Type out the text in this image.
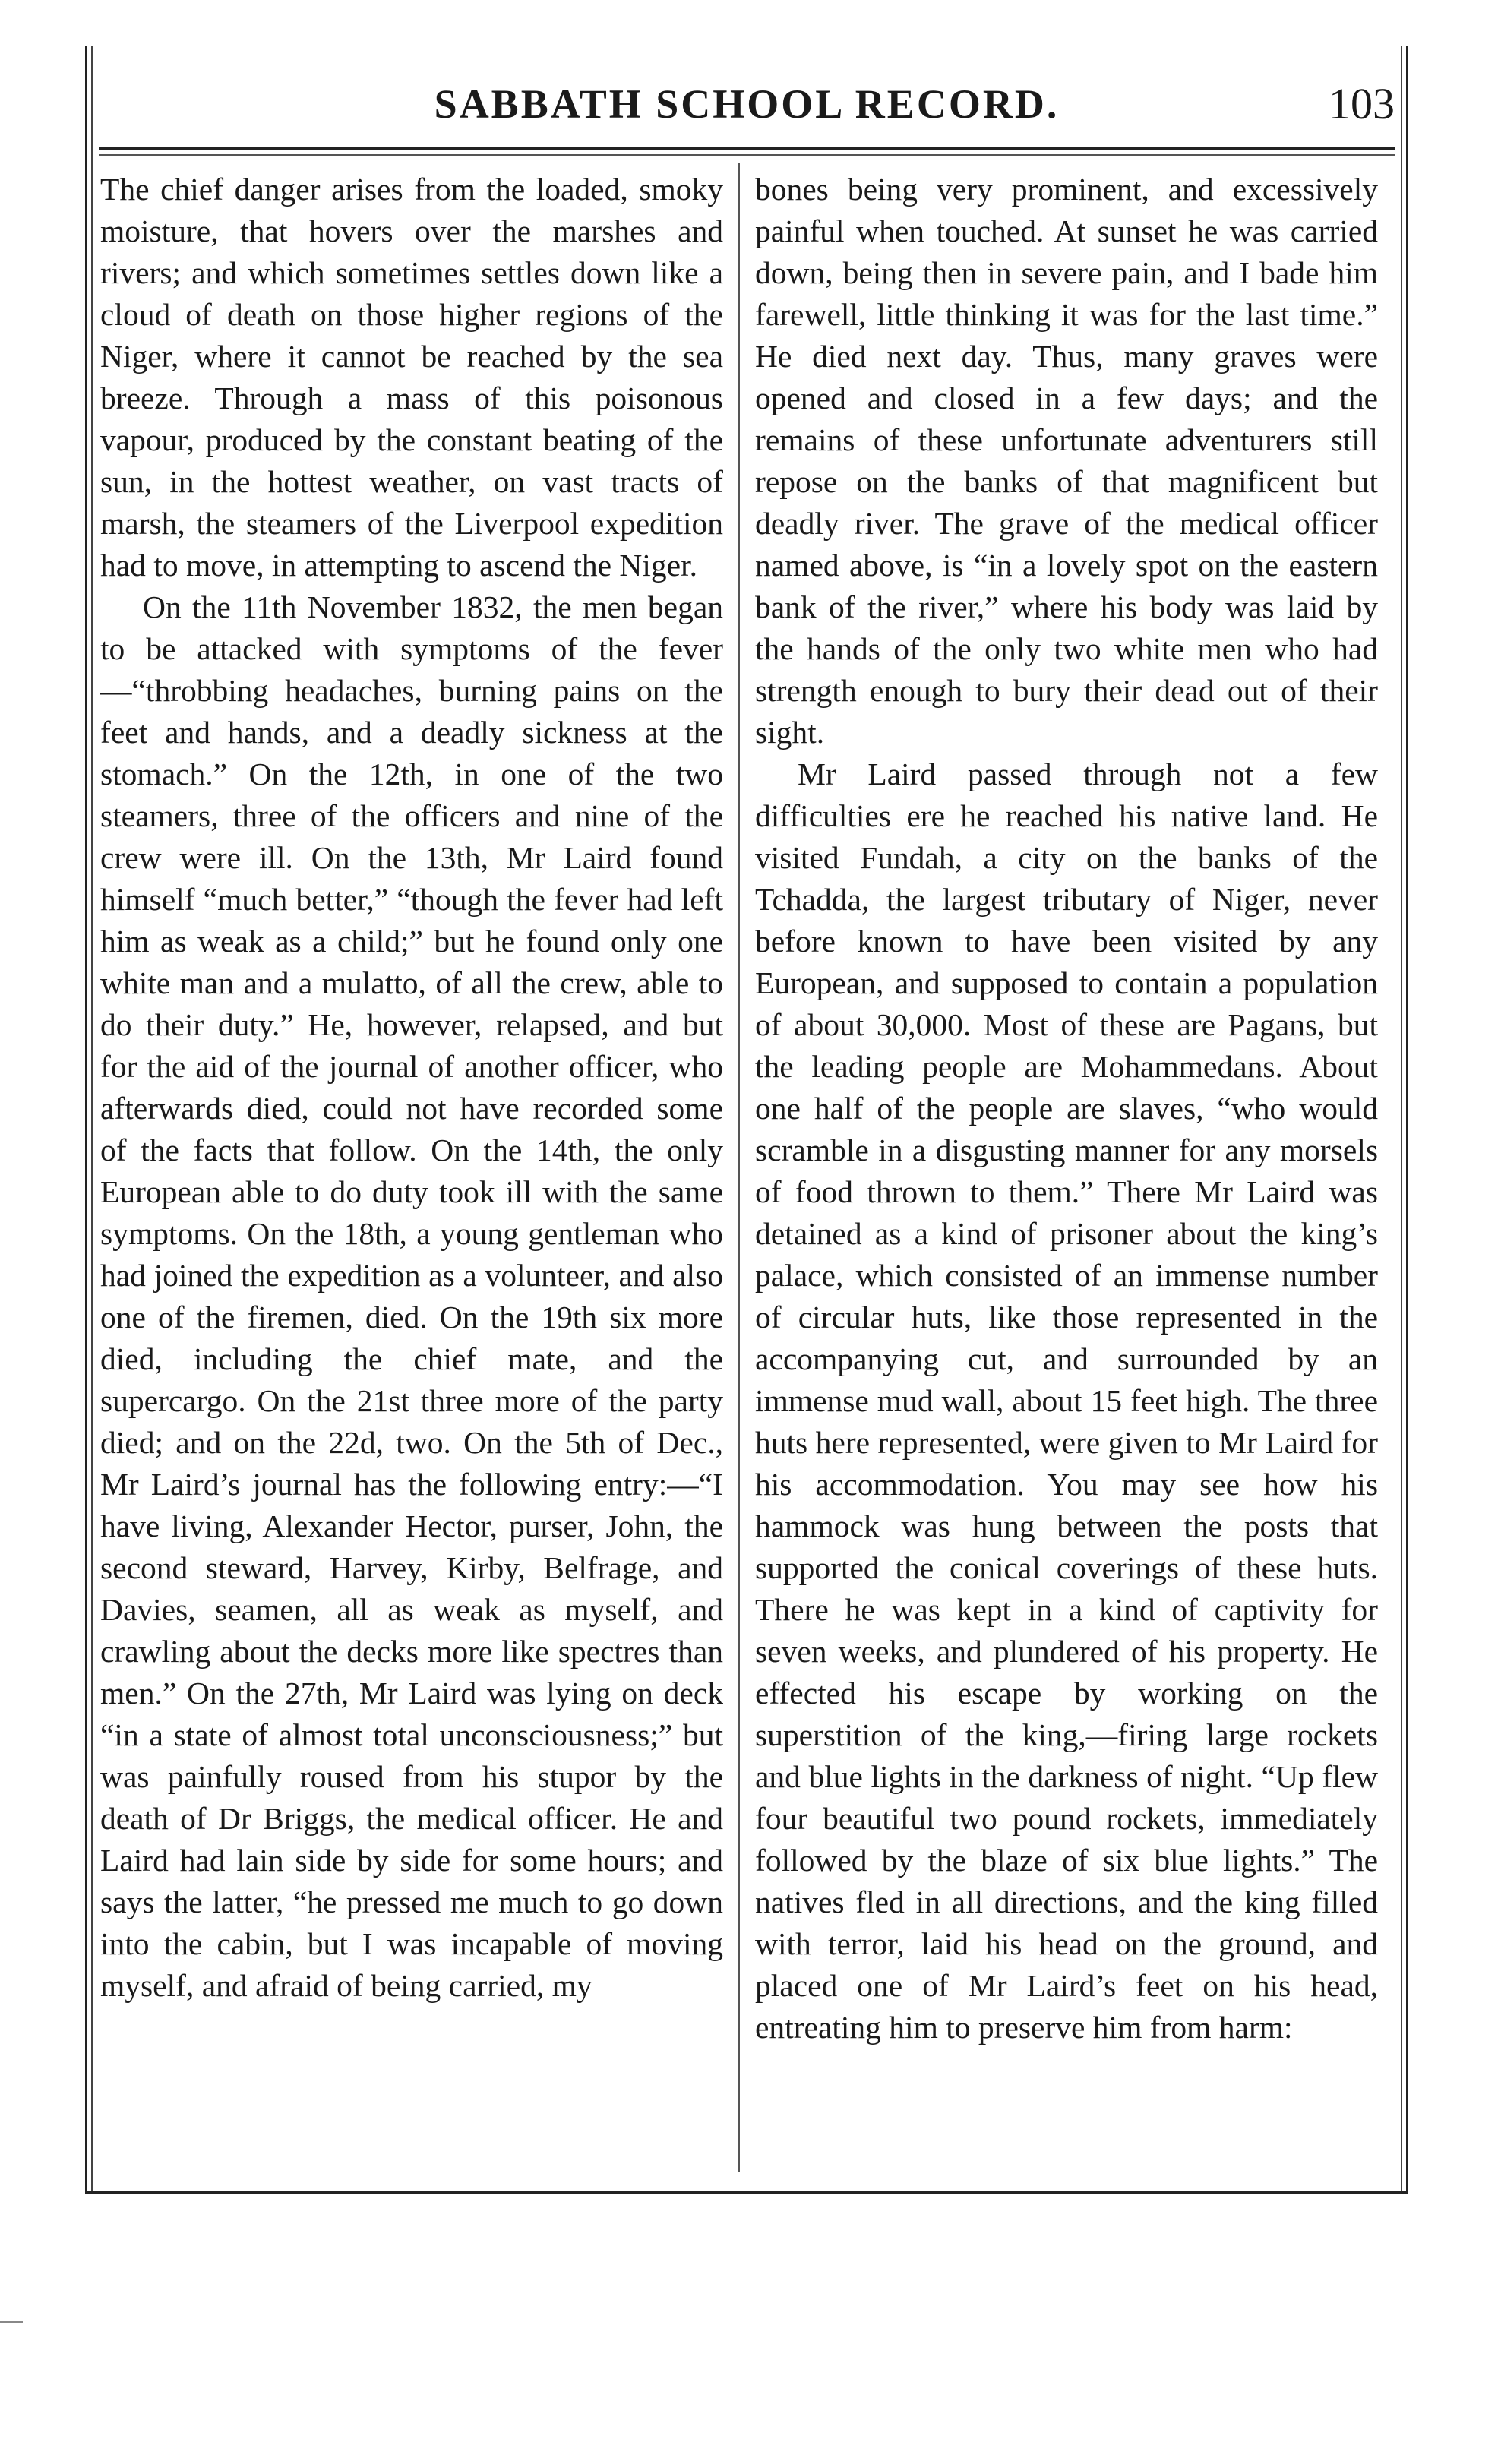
SABBATH SCHOOL RECORD.	103

The chief danger arises from the loaded, smoky moisture, that hovers over the marshes and rivers; and which sometimes settles down like a cloud of death on those higher regions of the Niger, where it cannot be reached by the sea breeze. Through a mass of this poisonous vapour, produced by the constant beating of the sun, in the hottest weather, on vast tracts of marsh, the steamers of the Liverpool expedition had to move, in attempting to ascend the Niger.

On the 11th November 1832, the men began to be attacked with symptoms of the fever—“throbbing headaches, burning pains on the feet and hands, and a deadly sickness at the stomach.” On the 12th, in one of the two steamers, three of the officers and nine of the crew were ill. On the 13th, Mr Laird found himself “much better,” “though the fever had left him as weak as a child;” but he found only one white man and a mulatto, of all the crew, able to do their duty.” He, however, relapsed, and but for the aid of the journal of another officer, who afterwards died, could not have recorded some of the facts that follow. On the 14th, the only European able to do duty took ill with the same symptoms. On the 18th, a young gentleman who had joined the expedition as a volunteer, and also one of the firemen, died. On the 19th six more died, including the chief mate, and the supercargo. On the 21st three more of the party died; and on the 22d, two. On the 5th of Dec., Mr Laird’s journal has the following entry:—“I have living, Alexander Hector, purser, John, the second steward, Harvey, Kirby, Belfrage, and Davies, seamen, all as weak as myself, and crawling about the decks more like spectres than men.” On the 27th, Mr Laird was lying on deck “in a state of almost total unconsciousness;” but was painfully roused from his stupor by the death of Dr Briggs, the medical officer. He and Laird had lain side by side for some hours; and says the latter, “he pressed me much to go down into the cabin, but I was incapable of moving myself, and afraid of being carried, my

bones being very prominent, and excessively painful when touched. At sunset he was carried down, being then in severe pain, and I bade him farewell, little thinking it was for the last time.” He died next day. Thus, many graves were opened and closed in a few days; and the remains of these unfortunate adventurers still repose on the banks of that magnificent but deadly river. The grave of the medical officer named above, is “in a lovely spot on the eastern bank of the river,” where his body was laid by the hands of the only two white men who had strength enough to bury their dead out of their sight.

Mr Laird passed through not a few difficulties ere he reached his native land. He visited Fundah, a city on the banks of the Tchadda, the largest tributary of Niger, never before known to have been visited by any European, and supposed to contain a population of about 30,000. Most of these are Pagans, but the leading people are Mohammedans. About one half of the people are slaves, “who would scramble in a disgusting manner for any morsels of food thrown to them.” There Mr Laird was detained as a kind of prisoner about the king’s palace, which consisted of an immense number of circular huts, like those represented in the accompanying cut, and surrounded by an immense mud wall, about 15 feet high. The three huts here represented, were given to Mr Laird for his accommodation. You may see how his hammock was hung between the posts that supported the conical coverings of these huts. There he was kept in a kind of captivity for seven weeks, and plundered of his property. He effected his escape by working on the superstition of the king,—firing large rockets and blue lights in the darkness of night. “Up flew four beautiful two pound rockets, immediately followed by the blaze of six blue lights.” The natives fled in all directions, and the king filled with terror, laid his head on the ground, and placed one of Mr Laird’s feet on his head, entreating him to preserve him from harm:
